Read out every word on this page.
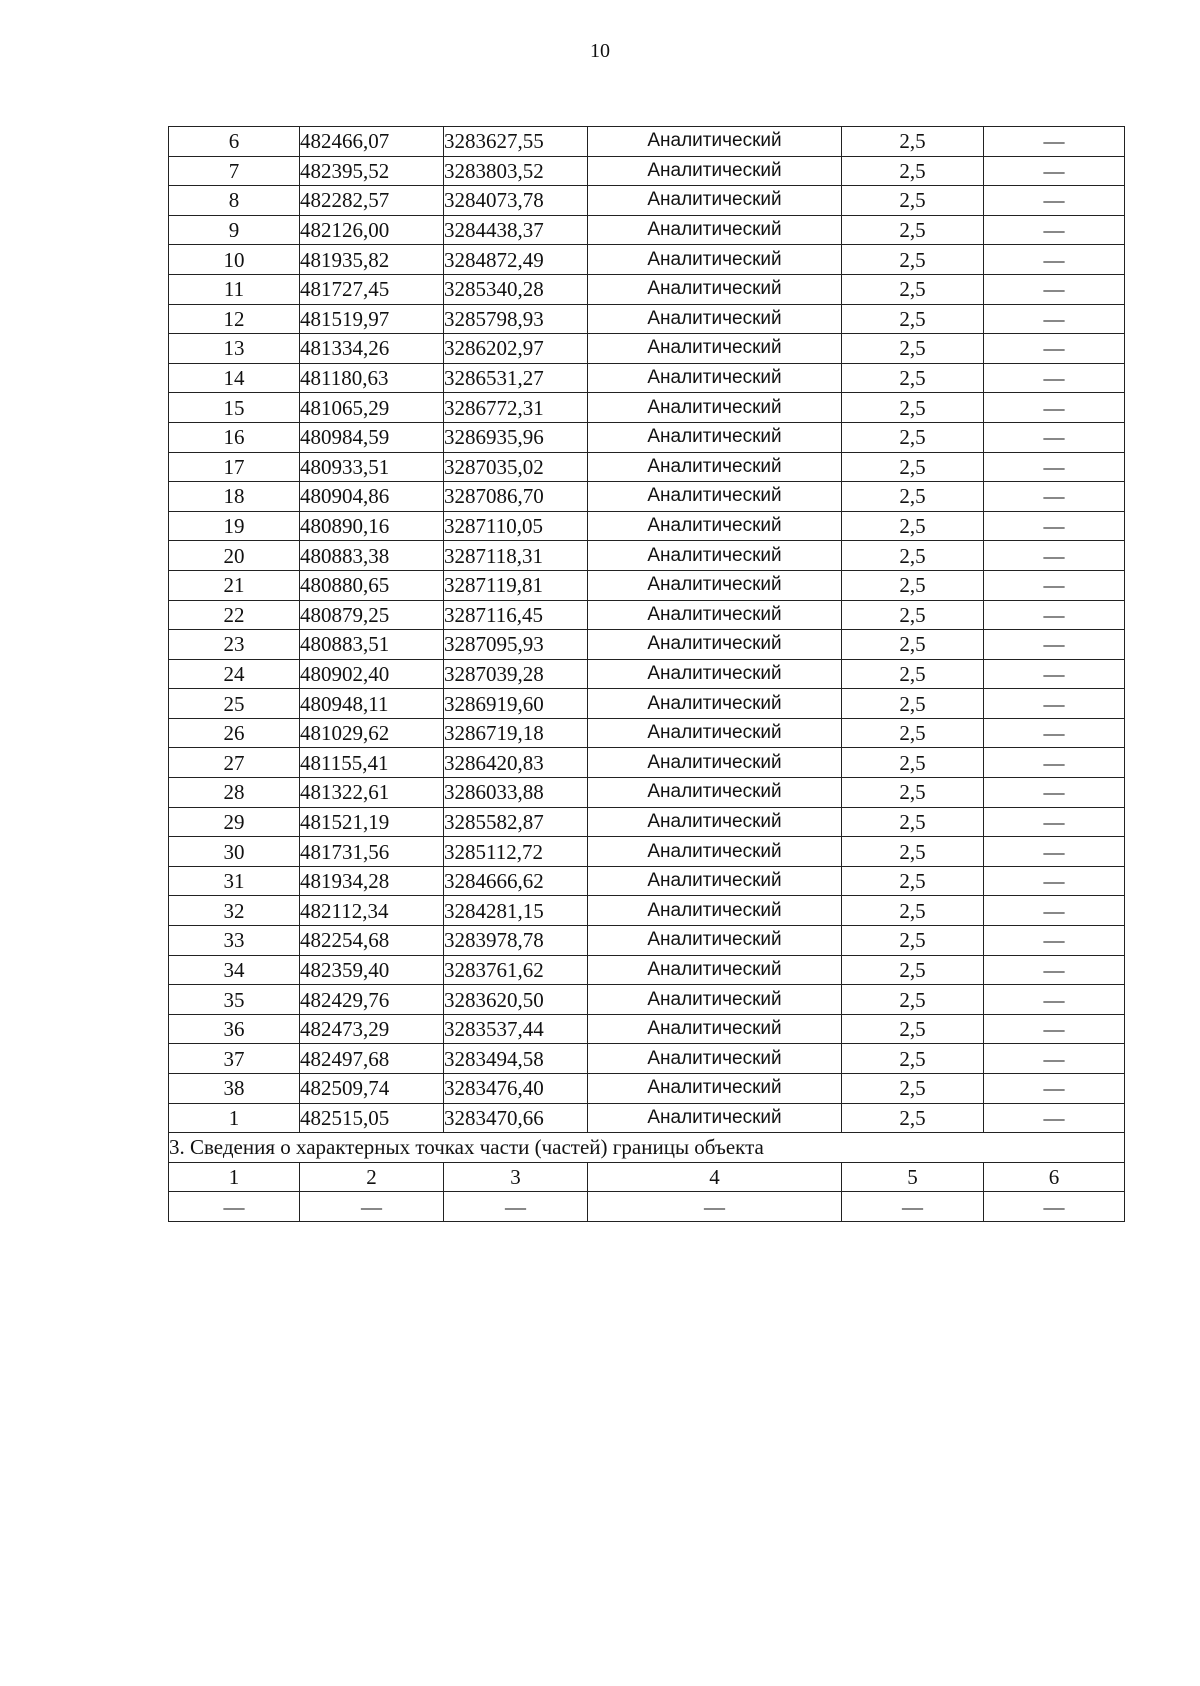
10
6	482466,07	3283627,55	Аналитический	2,5	—
7	482395,52	3283803,52	Аналитический	2,5	—
8	482282,57	3284073,78	Аналитический	2,5	—
9	482126,00	3284438,37	Аналитический	2,5	—
10	481935,82	3284872,49	Аналитический	2,5	—
11	481727,45	3285340,28	Аналитический	2,5	—
12	481519,97	3285798,93	Аналитический	2,5	—
13	481334,26	3286202,97	Аналитический	2,5	—
14	481180,63	3286531,27	Аналитический	2,5	—
15	481065,29	3286772,31	Аналитический	2,5	—
16	480984,59	3286935,96	Аналитический	2,5	—
17	480933,51	3287035,02	Аналитический	2,5	—
18	480904,86	3287086,70	Аналитический	2,5	—
19	480890,16	3287110,05	Аналитический	2,5	—
20	480883,38	3287118,31	Аналитический	2,5	—
21	480880,65	3287119,81	Аналитический	2,5	—
22	480879,25	3287116,45	Аналитический	2,5	—
23	480883,51	3287095,93	Аналитический	2,5	—
24	480902,40	3287039,28	Аналитический	2,5	—
25	480948,11	3286919,60	Аналитический	2,5	—
26	481029,62	3286719,18	Аналитический	2,5	—
27	481155,41	3286420,83	Аналитический	2,5	—
28	481322,61	3286033,88	Аналитический	2,5	—
29	481521,19	3285582,87	Аналитический	2,5	—
30	481731,56	3285112,72	Аналитический	2,5	—
31	481934,28	3284666,62	Аналитический	2,5	—
32	482112,34	3284281,15	Аналитический	2,5	—
33	482254,68	3283978,78	Аналитический	2,5	—
34	482359,40	3283761,62	Аналитический	2,5	—
35	482429,76	3283620,50	Аналитический	2,5	—
36	482473,29	3283537,44	Аналитический	2,5	—
37	482497,68	3283494,58	Аналитический	2,5	—
38	482509,74	3283476,40	Аналитический	2,5	—
1	482515,05	3283470,66	Аналитический	2,5	—
3. Сведения о характерных точках части (частей) границы объекта					
1	2	3	4	5	6
—	—	—	—	—	—
